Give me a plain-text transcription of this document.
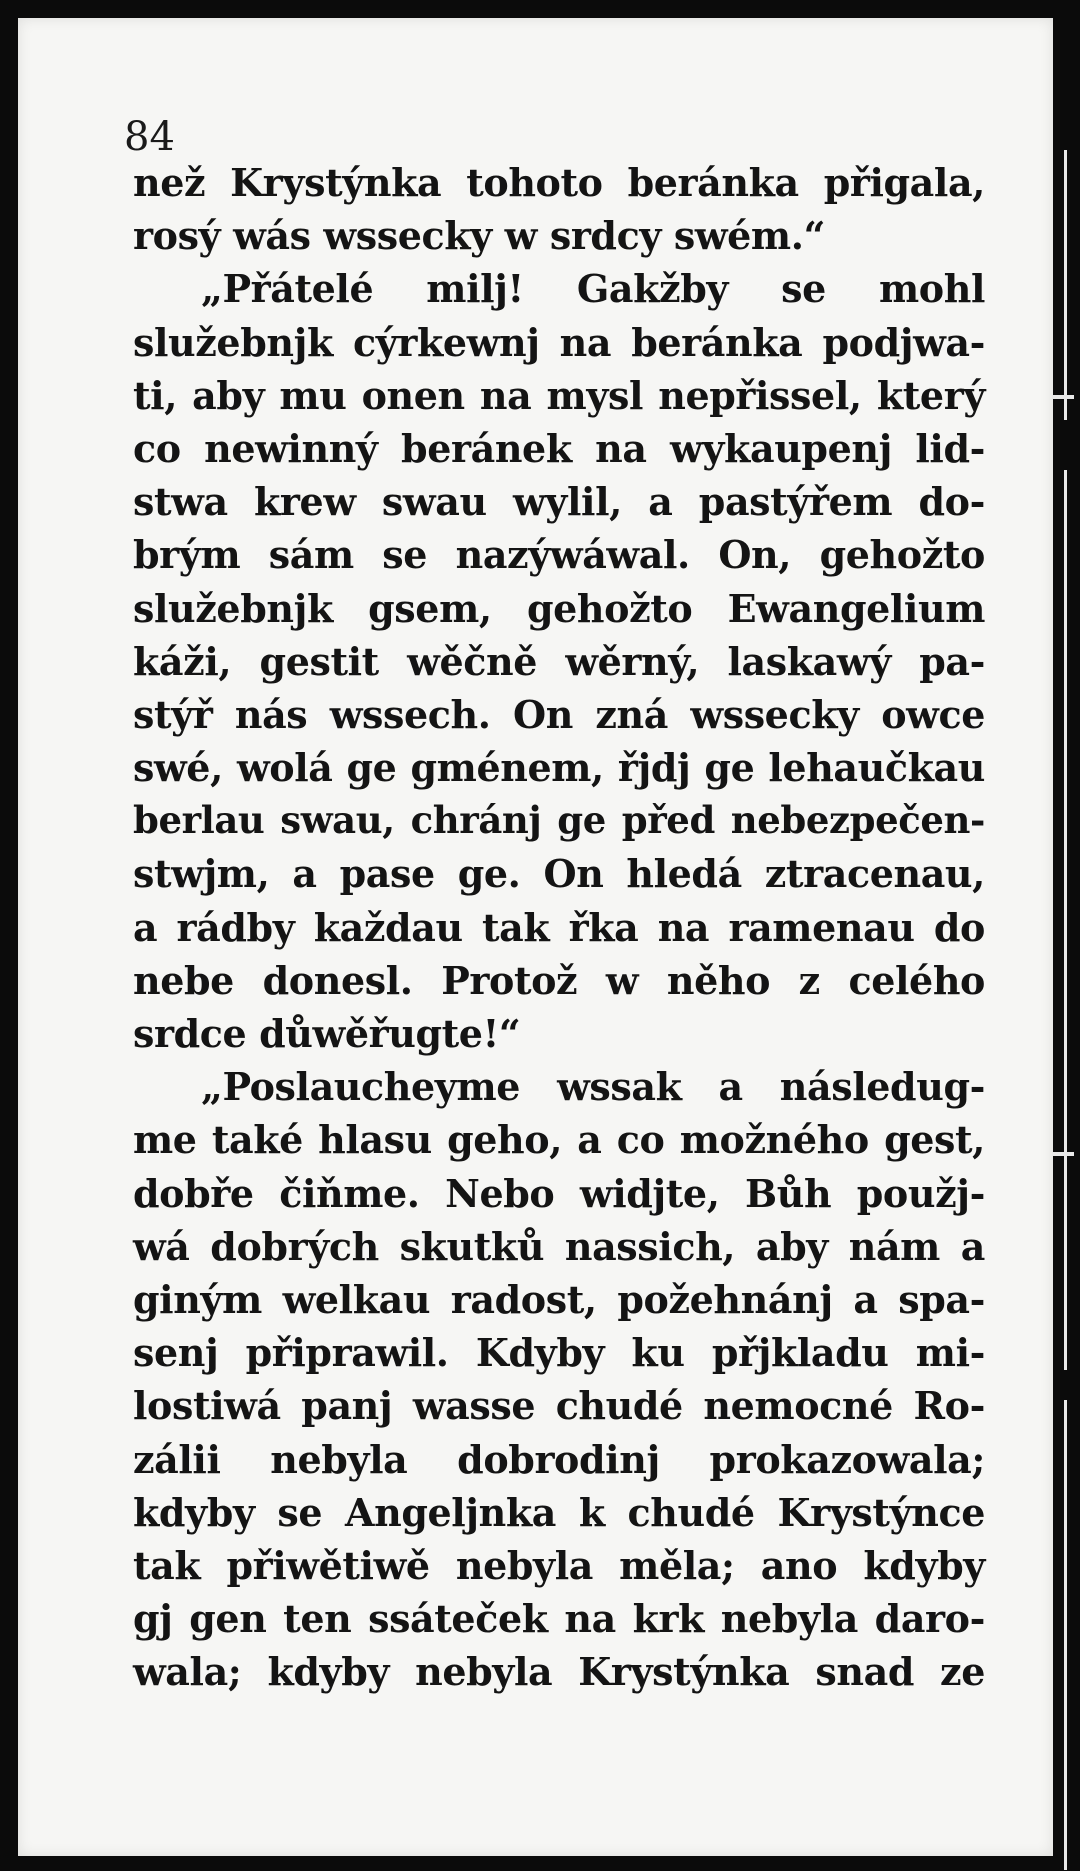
84
než Krystýnka tohoto beránka přigala,
rosý wás wssecky w srdcy swém.“
„Přátelé milj! Gakžby se mohl
služebnjk cýrkewnj na beránka podjwa-
ti, aby mu onen na mysl nepřissel, který
co newinný beránek na wykaupenj lid-
stwa krew swau wylil, a pastýřem do-
brým sám se nazýwáwal. On, gehožto
služebnjk gsem, gehožto Ewangelium
káži, gestit wěčně wěrný, laskawý pa-
stýř nás wssech. On zná wssecky owce
swé, wolá ge gménem, řjdj ge lehaučkau
berlau swau, chránj ge před nebezpečen-
stwjm, a pase ge. On hledá ztracenau,
a rádby každau tak řka na ramenau do
nebe donesl. Protož w něho z celého
srdce důwěřugte!“
„Poslaucheyme wssak a následug-
me také hlasu geho, a co možného gest,
dobře čiňme. Nebo widjte, Bůh použj-
wá dobrých skutků nassich, aby nám a
giným welkau radost, požehnánj a spa-
senj připrawil. Kdyby ku přjkladu mi-
lostiwá panj wasse chudé nemocné Ro-
zálii nebyla dobrodinj prokazowala;
kdyby se Angeljnka k chudé Krystýnce
tak přiwětiwě nebyla měla; ano kdyby
gj gen ten ssáteček na krk nebyla daro-
wala; kdyby nebyla Krystýnka snad ze
